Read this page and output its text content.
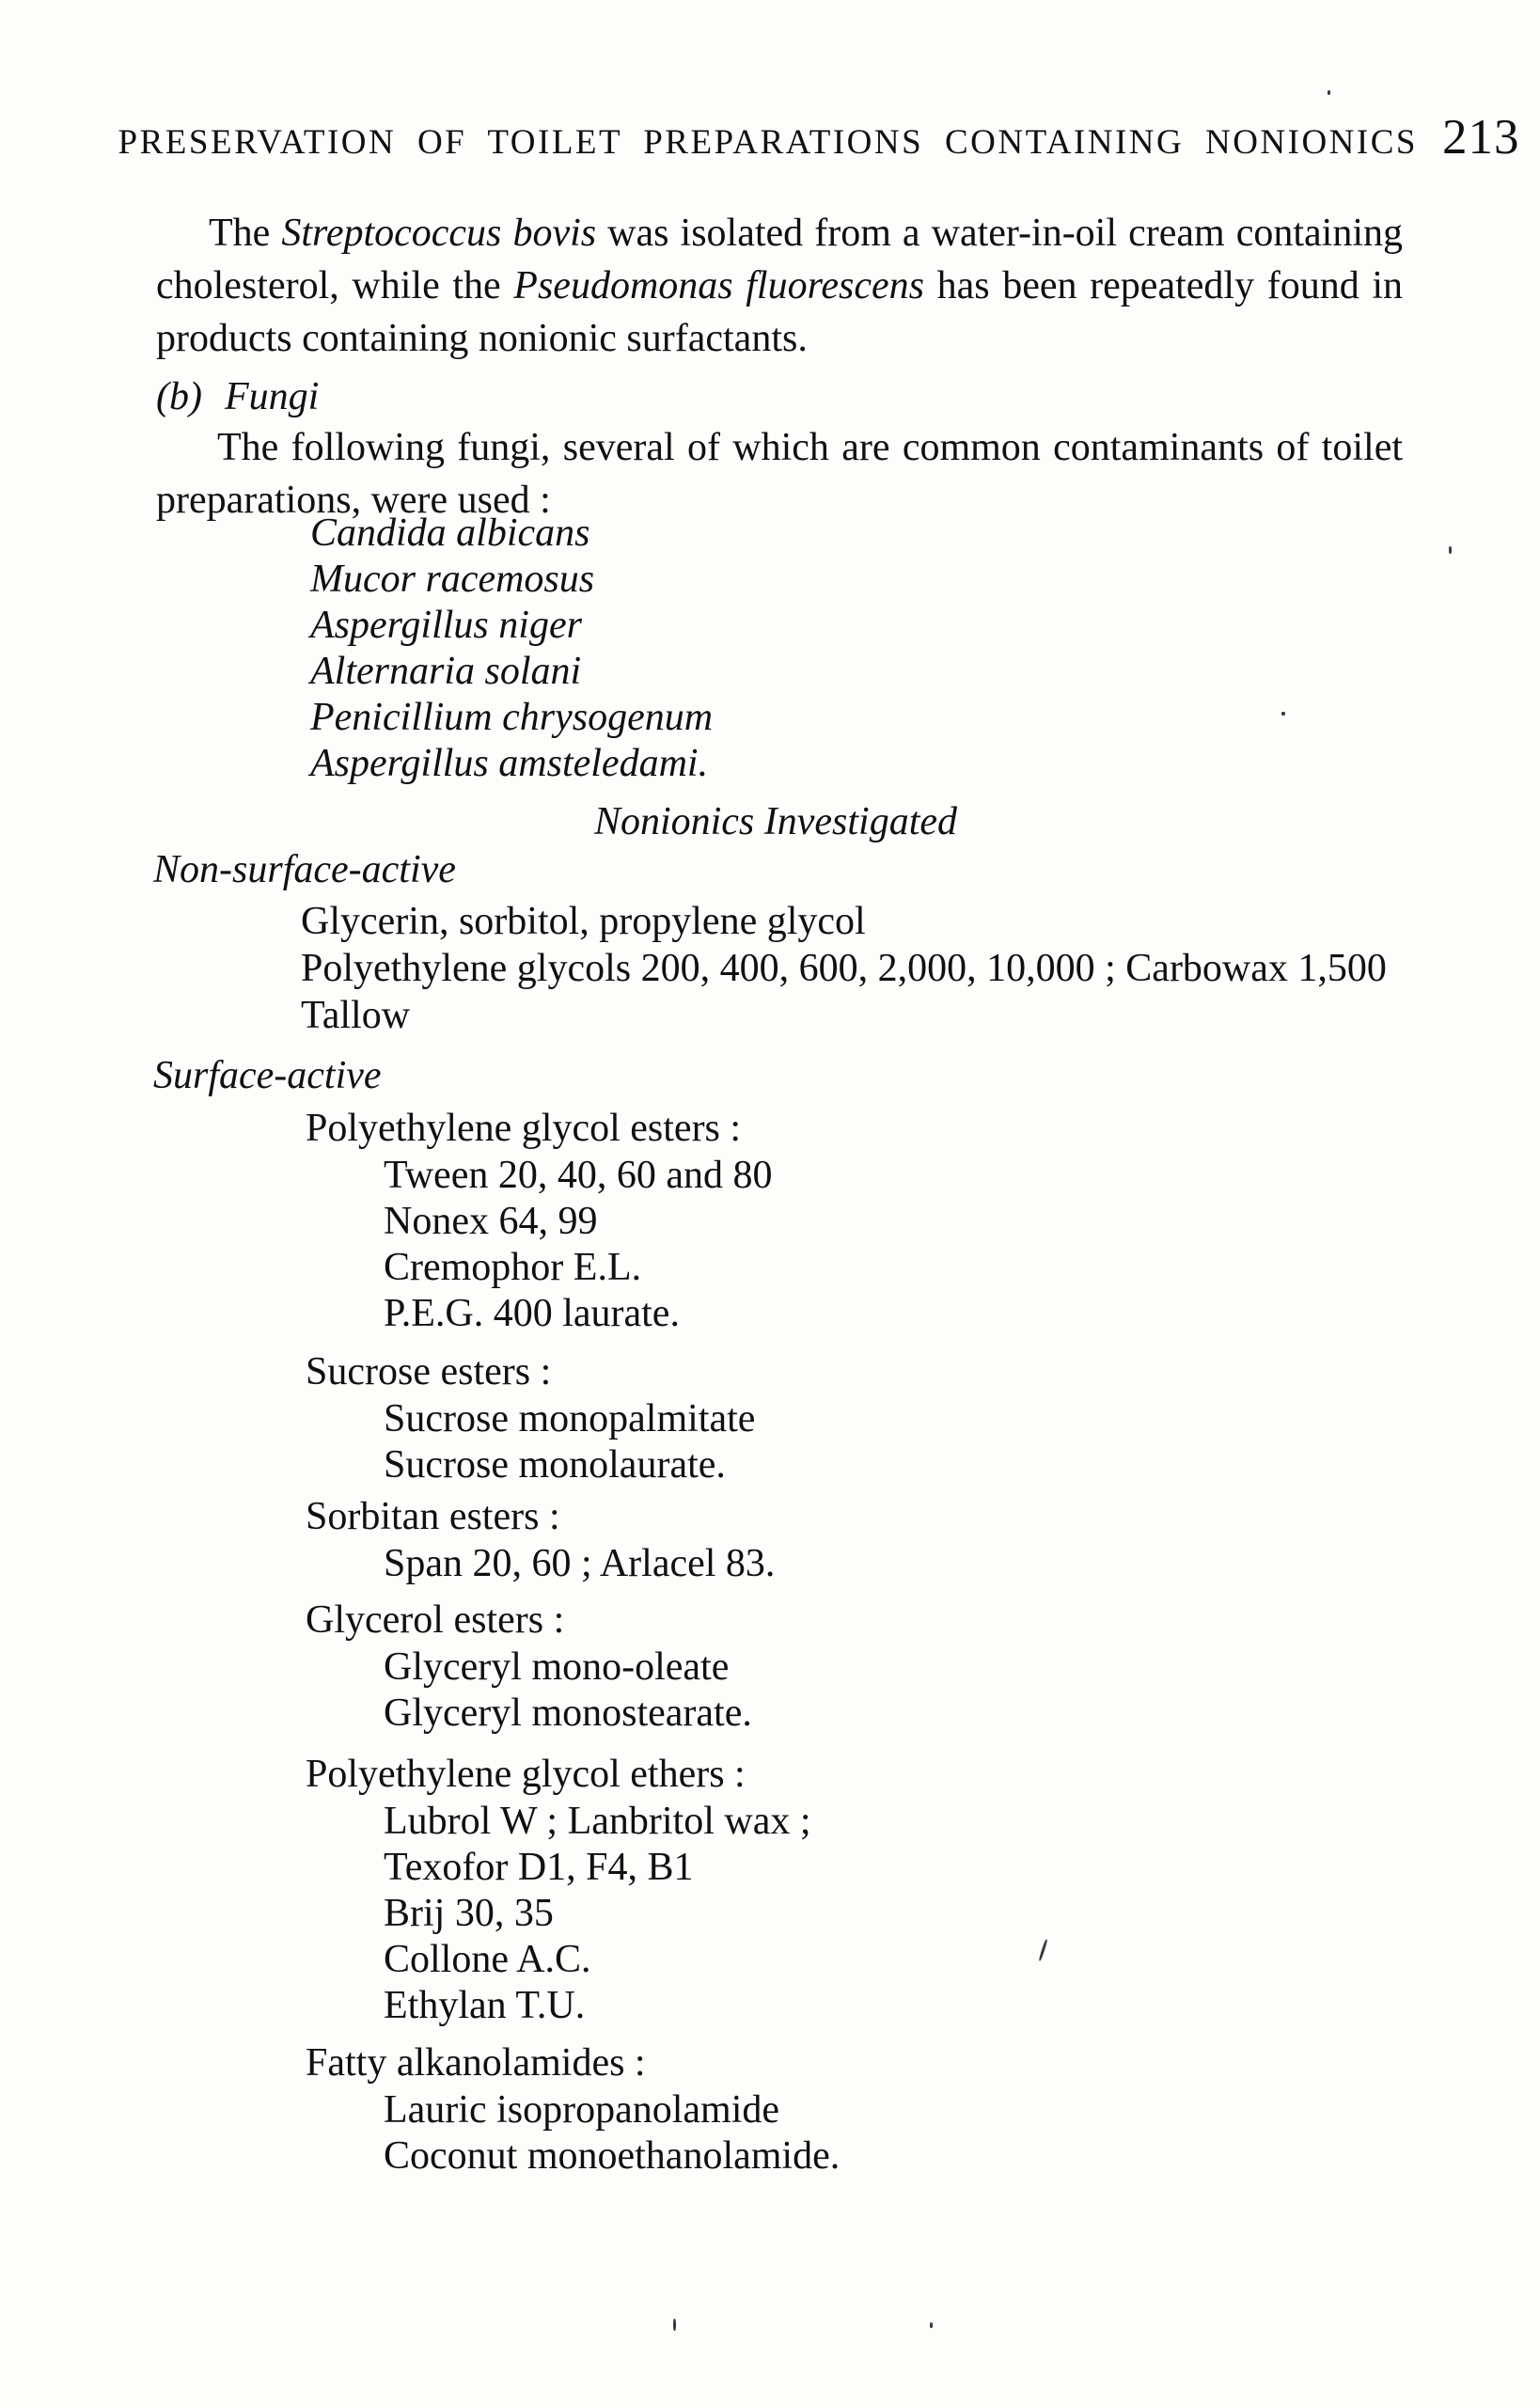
PRESERVATION OF TOILET PREPARATIONS CONTAINING NONIONICS 213
The Streptococcus bovis was isolated from a water-in-oil cream containing
cholesterol, while the Pseudomonas fluorescens has been repeatedly found in
products containing nonionic surfactants.
(b) Fungi
The following fungi, several of which are common contaminants of toilet
preparations, were used :
Candida albicans
Mucor racemosus
Aspergillus niger
Alternaria solani
Penicillium chrysogenum
Aspergillus amsteledami.
Nonionics Investigated
Non-surface-active
Glycerin, sorbitol, propylene glycol
Polyethylene glycols 200, 400, 600, 2,000, 10,000 ; Carbowax 1,500
Tallow
Surface-active
Polyethylene glycol esters :
Tween 20, 40, 60 and 80
Nonex 64, 99
Cremophor E.L.
P.E.G. 400 laurate.
Sucrose esters :
Sucrose monopalmitate
Sucrose monolaurate.
Sorbitan esters :
Span 20, 60 ; Arlacel 83.
Glycerol esters :
Glyceryl mono-oleate
Glyceryl monostearate.
Polyethylene glycol ethers :
Lubrol W ; Lanbritol wax ;
Texofor D1, F4, B1
Brij 30, 35
Collone A.C.
Ethylan T.U.
Fatty alkanolamides :
Lauric isopropanolamide
Coconut monoethanolamide.
